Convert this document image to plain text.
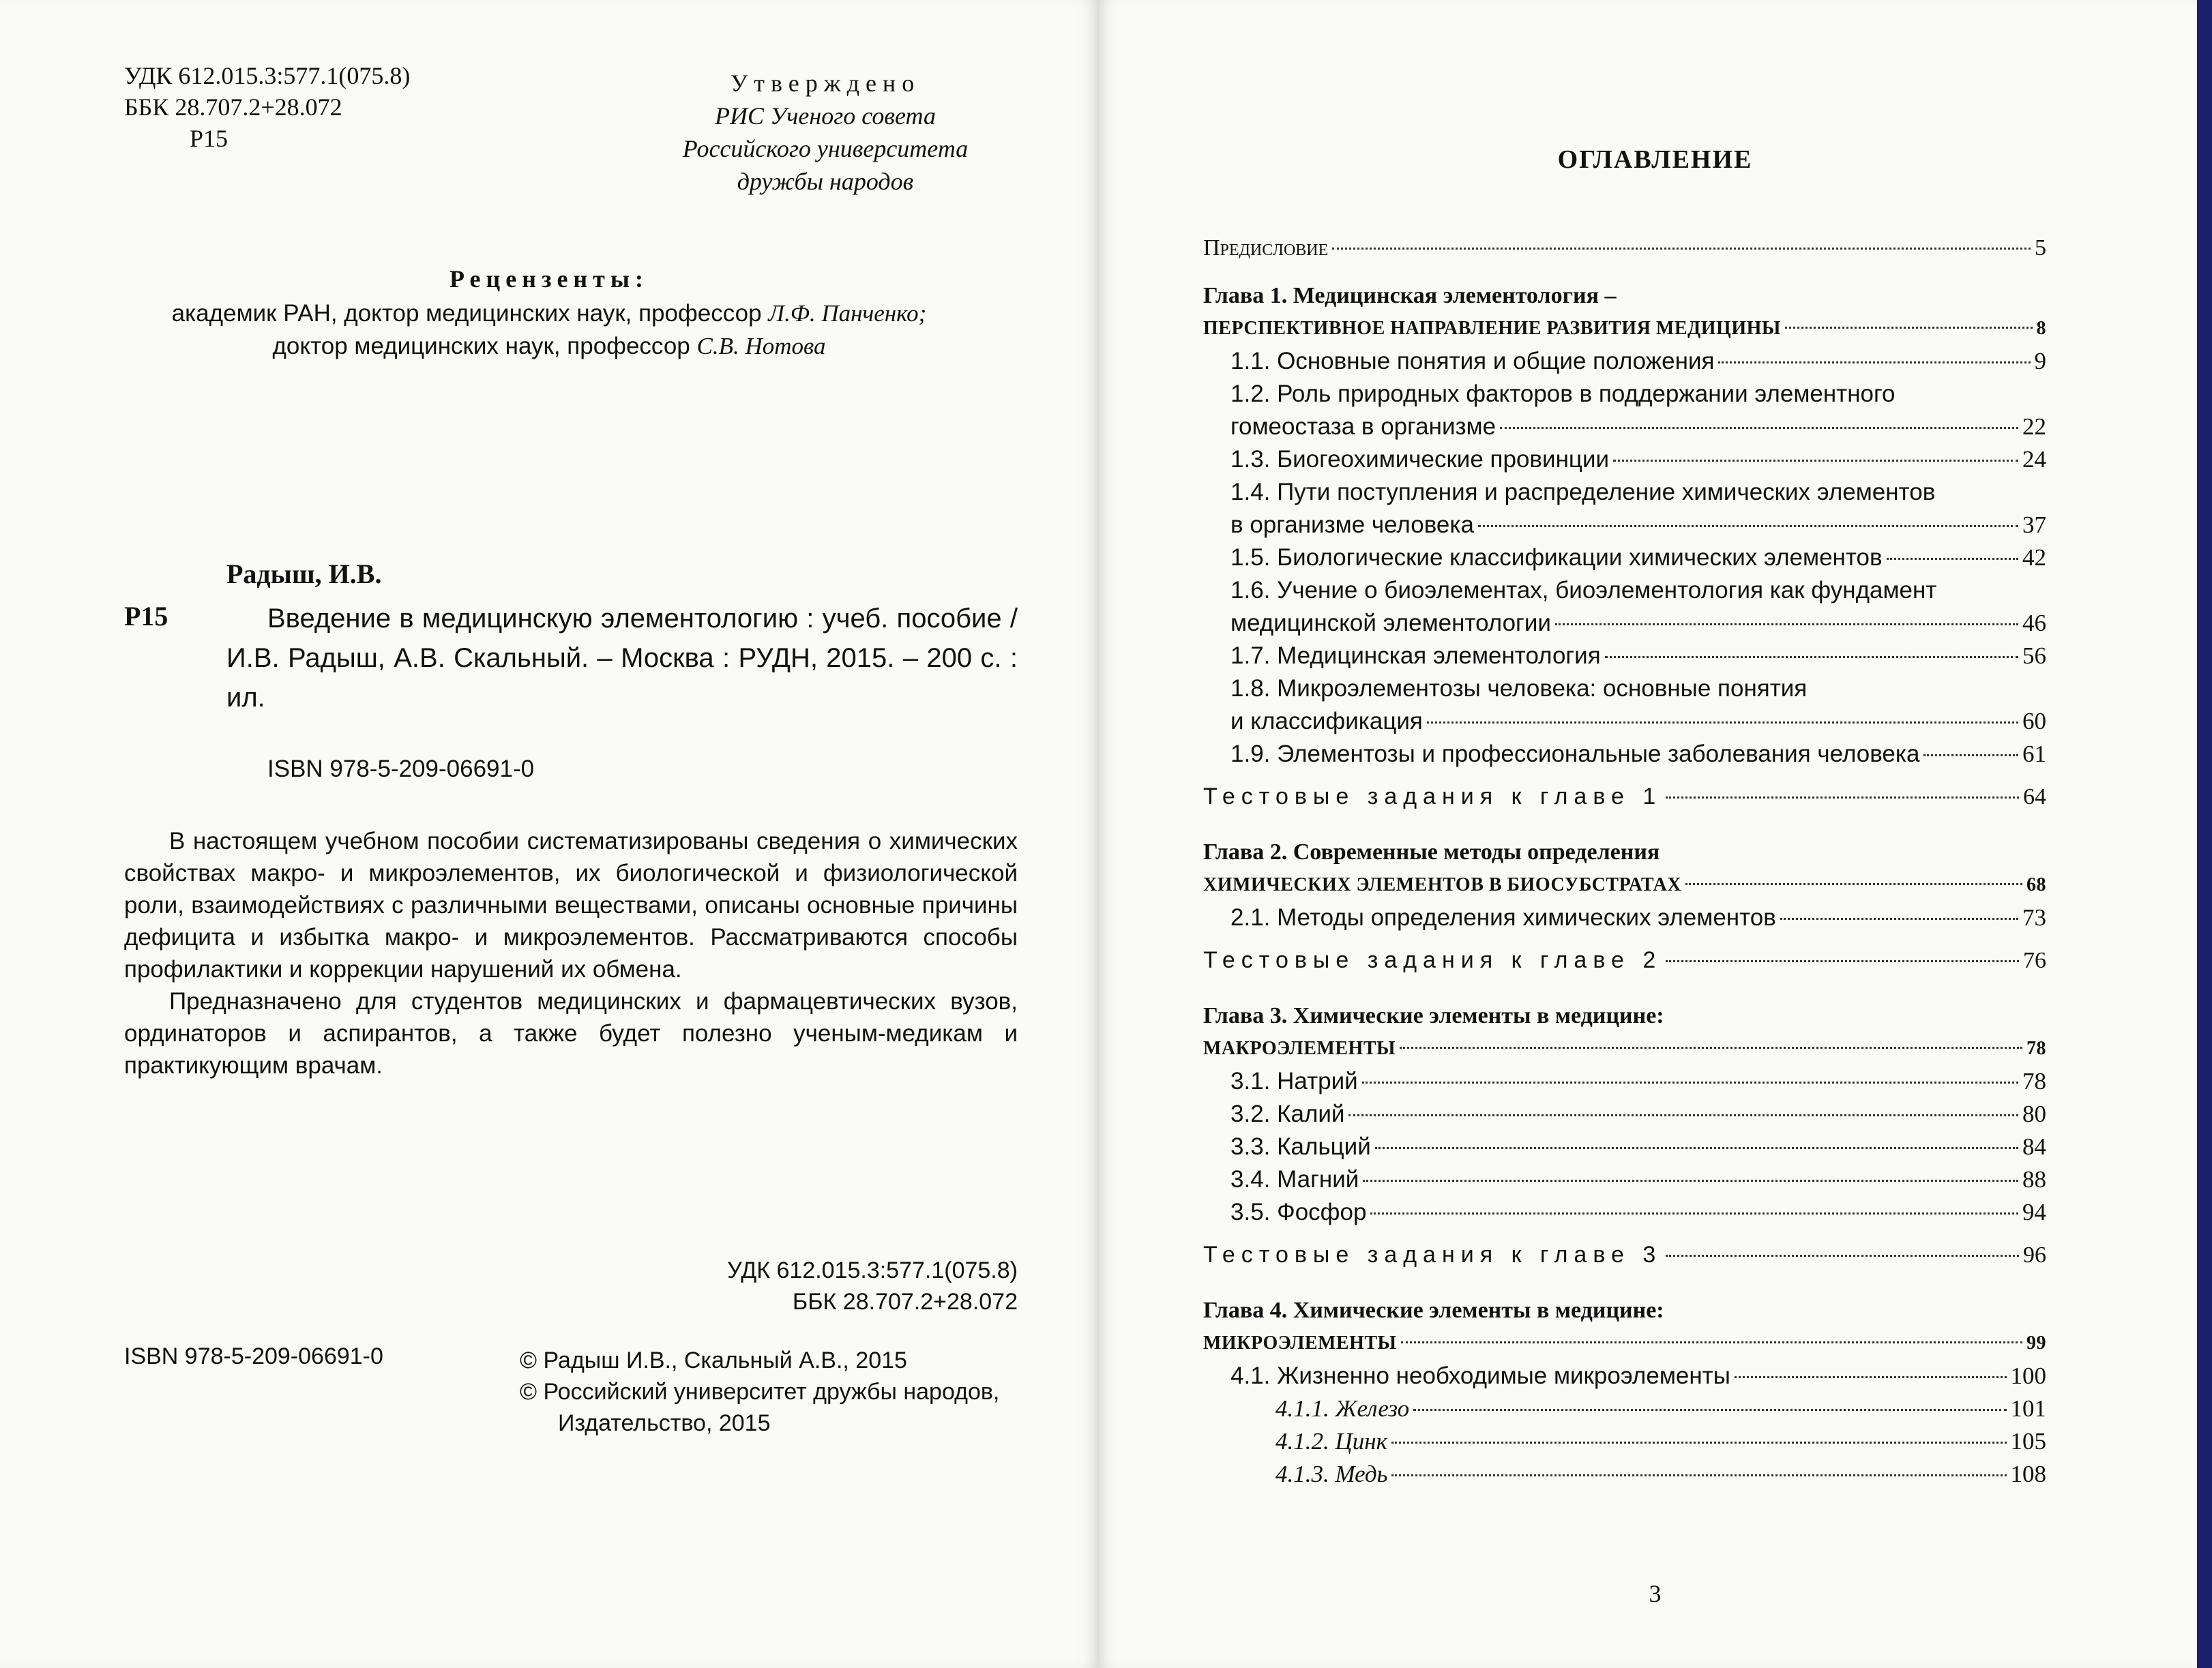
УДК 612.015.3:577.1(075.8)
ББК 28.707.2+28.072
Р15
Утверждено
РИС Ученого совета
Российского университета
дружбы народов
Рецензенты:
академик РАН, доктор медицинских наук, профессор Л.Ф. Панченко;
доктор медицинских наук, профессор С.В. Нотова
Радыш, И.В.
Р15	Введение в медицинскую элементологию : учеб. пособие / И.В. Радыш, А.В. Скальный. – Москва : РУДН, 2015. – 200 с. : ил.
ISBN 978-5-209-06691-0

В настоящем учебном пособии систематизированы сведения о химических свойствах макро- и микроэлементов, их биологической и физиологической роли, взаимодействиях с различными веществами, описаны основные причины дефицита и избытка макро- и микроэлементов. Рассматриваются способы профилактики и коррекции нарушений их обмена.

Предназначено для студентов медицинских и фармацевтических вузов, ординаторов и аспирантов, а также будет полезно ученым-медикам и практикующим врачам.

УДК 612.015.3:577.1(075.8)
ББК 28.707.2+28.072
ISBN 978-5-209-06691-0	© Радыш И.В., Скальный А.В., 2015
© Российский университет дружбы народов,
Издательство, 2015
ОГЛАВЛЕНИЕ
Предисловие	5
Глава 1. Медицинская элементология –
ПЕРСПЕКТИВНОЕ НАПРАВЛЕНИЕ РАЗВИТИЯ МЕДИЦИНЫ	8
1.1. Основные понятия и общие положения	9
1.2. Роль природных факторов в поддержании элементного
гомеостаза в организме	22
1.3. Биогеохимические провинции	24
1.4. Пути поступления и распределение химических элементов
в организме человека	37
1.5. Биологические классификации химических элементов	42
1.6. Учение о биоэлементах, биоэлементология как фундамент
медицинской элементологии	46
1.7. Медицинская элементология	56
1.8. Микроэлементозы человека: основные понятия
и классификация	60
1.9. Элементозы и профессиональные заболевания человека	61
Тестовые задания к главе 1	64
Глава 2. Современные методы определения
ХИМИЧЕСКИХ ЭЛЕМЕНТОВ В БИОСУБСТРАТАХ	68
2.1. Методы определения химических элементов	73
Тестовые задания к главе 2	76
Глава 3. Химические элементы в медицине:
МАКРОЭЛЕМЕНТЫ	78
3.1. Натрий	78
3.2. Калий	80
3.3. Кальций	84
3.4. Магний	88
3.5. Фосфор	94
Тестовые задания к главе 3	96
Глава 4. Химические элементы в медицине:
МИКРОЭЛЕМЕНТЫ	99
4.1. Жизненно необходимые микроэлементы	100
4.1.1. Железо	101
4.1.2. Цинк	105
4.1.3. Медь	108
3
